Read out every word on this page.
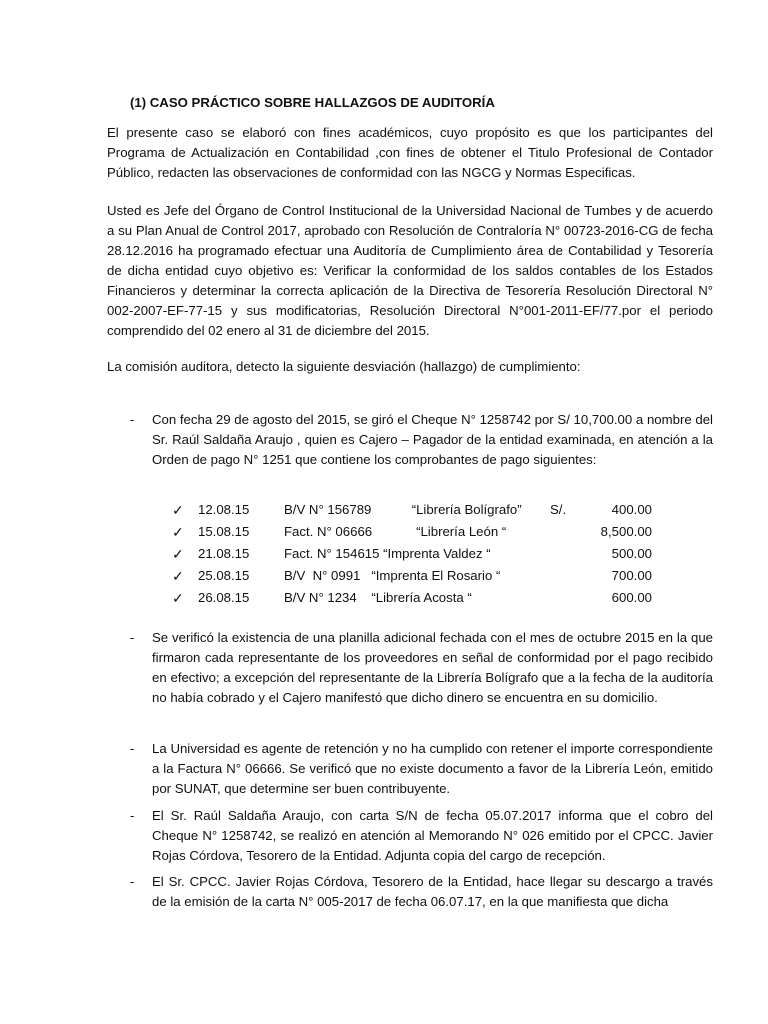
(1) CASO PRÁCTICO SOBRE HALLAZGOS DE AUDITORÍA

El presente caso se elaboró con fines académicos, cuyo propósito es que los participantes del Programa de Actualización en Contabilidad ,con fines de obtener el Titulo Profesional de Contador Público, redacten las observaciones de conformidad con las NGCG y Normas Especificas.

Usted es Jefe del Órgano de Control Institucional de la Universidad Nacional de Tumbes y de acuerdo a su Plan Anual de Control 2017, aprobado con Resolución de Contraloría N° 00723-2016-CG de fecha 28.12.2016 ha programado efectuar una Auditoría de Cumplimiento área de Contabilidad y Tesorería de dicha entidad cuyo objetivo es: Verificar la conformidad de los saldos contables de los Estados Financieros y determinar la correcta aplicación de la Directiva de Tesorería Resolución Directoral N° 002-2007-EF-77-15 y sus modificatorias, Resolución Directoral N°001-2011-EF/77.por el periodo comprendido del 02 enero al 31 de diciembre del 2015.

La comisión auditora, detecto la siguiente desviación (hallazgo) de cumplimiento:

- Con fecha 29 de agosto del 2015, se giró el Cheque N° 1258742 por S/ 10,700.00 a nombre del Sr. Raúl Saldaña Araujo , quien es Cajero – Pagador de la entidad examinada, en atención a la Orden de pago N° 1251 que contiene los comprobantes de pago siguientes:

✓ 12.08.15	B/V N° 156789           “Librería Bolígrafo” S/.	400.00
✓ 15.08.15	Fact. N° 06666            “Librería León “	8,500.00
✓ 21.08.15	Fact. N° 154615 “Imprenta Valdez “	500.00
✓ 25.08.15	B/V  N° 0991   “Imprenta El Rosario “	700.00
✓ 26.08.15	B/V N° 1234    “Librería Acosta “	600.00
- Se verificó la existencia de una planilla adicional fechada con el mes de octubre 2015 en la que firmaron cada representante de los proveedores en señal de conformidad por el pago recibido en efectivo; a excepción del representante de la Librería Bolígrafo que a la fecha de la auditoría no había cobrado y el Cajero manifestó que dicho dinero se encuentra en su domicilio.

- La Universidad es agente de retención y no ha cumplido con retener el importe correspondiente a la Factura N° 06666. Se verificó que no existe documento a favor de la Librería León, emitido por SUNAT, que determine ser buen contribuyente.

- El Sr. Raúl Saldaña Araujo, con carta S/N de fecha 05.07.2017 informa que el cobro del Cheque N° 1258742, se realizó en atención al Memorando N° 026 emitido por el CPCC. Javier Rojas Córdova, Tesorero de la Entidad. Adjunta copia del cargo de recepción.

- El Sr. CPCC. Javier Rojas Córdova, Tesorero de la Entidad, hace llegar su descargo a través de la emisión de la carta N° 005-2017 de fecha 06.07.17, en la que manifiesta que dicha
